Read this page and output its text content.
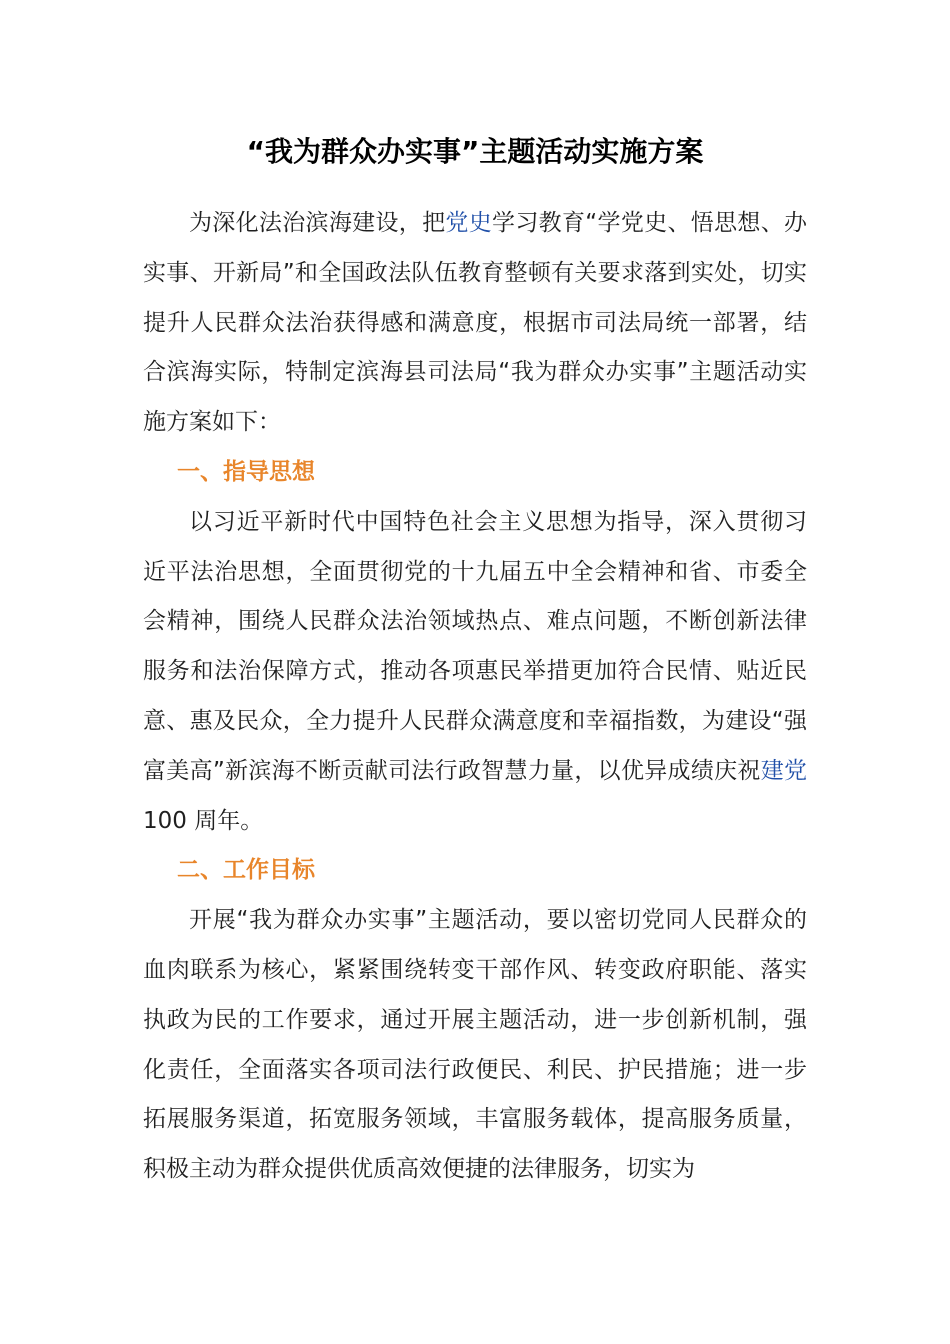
“我为群众办实事”主题活动实施方案

为深化法治滨海建设，把党史学习教育“学党史、悟思想、办实事、开新局”和全国政法队伍教育整顿有关要求落到实处，切实提升人民群众法治获得感和满意度，根据市司法局统一部署，结合滨海实际，特制定滨海县司法局“我为群众办实事”主题活动实施方案如下：

一、指导思想

以习近平新时代中国特色社会主义思想为指导，深入贯彻习近平法治思想，全面贯彻党的十九届五中全会精神和省、市委全会精神，围绕人民群众法治领域热点、难点问题，不断创新法律服务和法治保障方式，推动各项惠民举措更加符合民情、贴近民意、惠及民众，全力提升人民群众满意度和幸福指数，为建设“强富美高”新滨海不断贡献司法行政智慧力量，以优异成绩庆祝建党100 周年。

二、工作目标

开展“我为群众办实事”主题活动，要以密切党同人民群众的血肉联系为核心，紧紧围绕转变干部作风、转变政府职能、落实执政为民的工作要求，通过开展主题活动，进一步创新机制，强化责任，全面落实各项司法行政便民、利民、护民措施；进一步拓展服务渠道，拓宽服务领域，丰富服务载体，提高服务质量，积极主动为群众提供优质高效便捷的法律服务，切实为
